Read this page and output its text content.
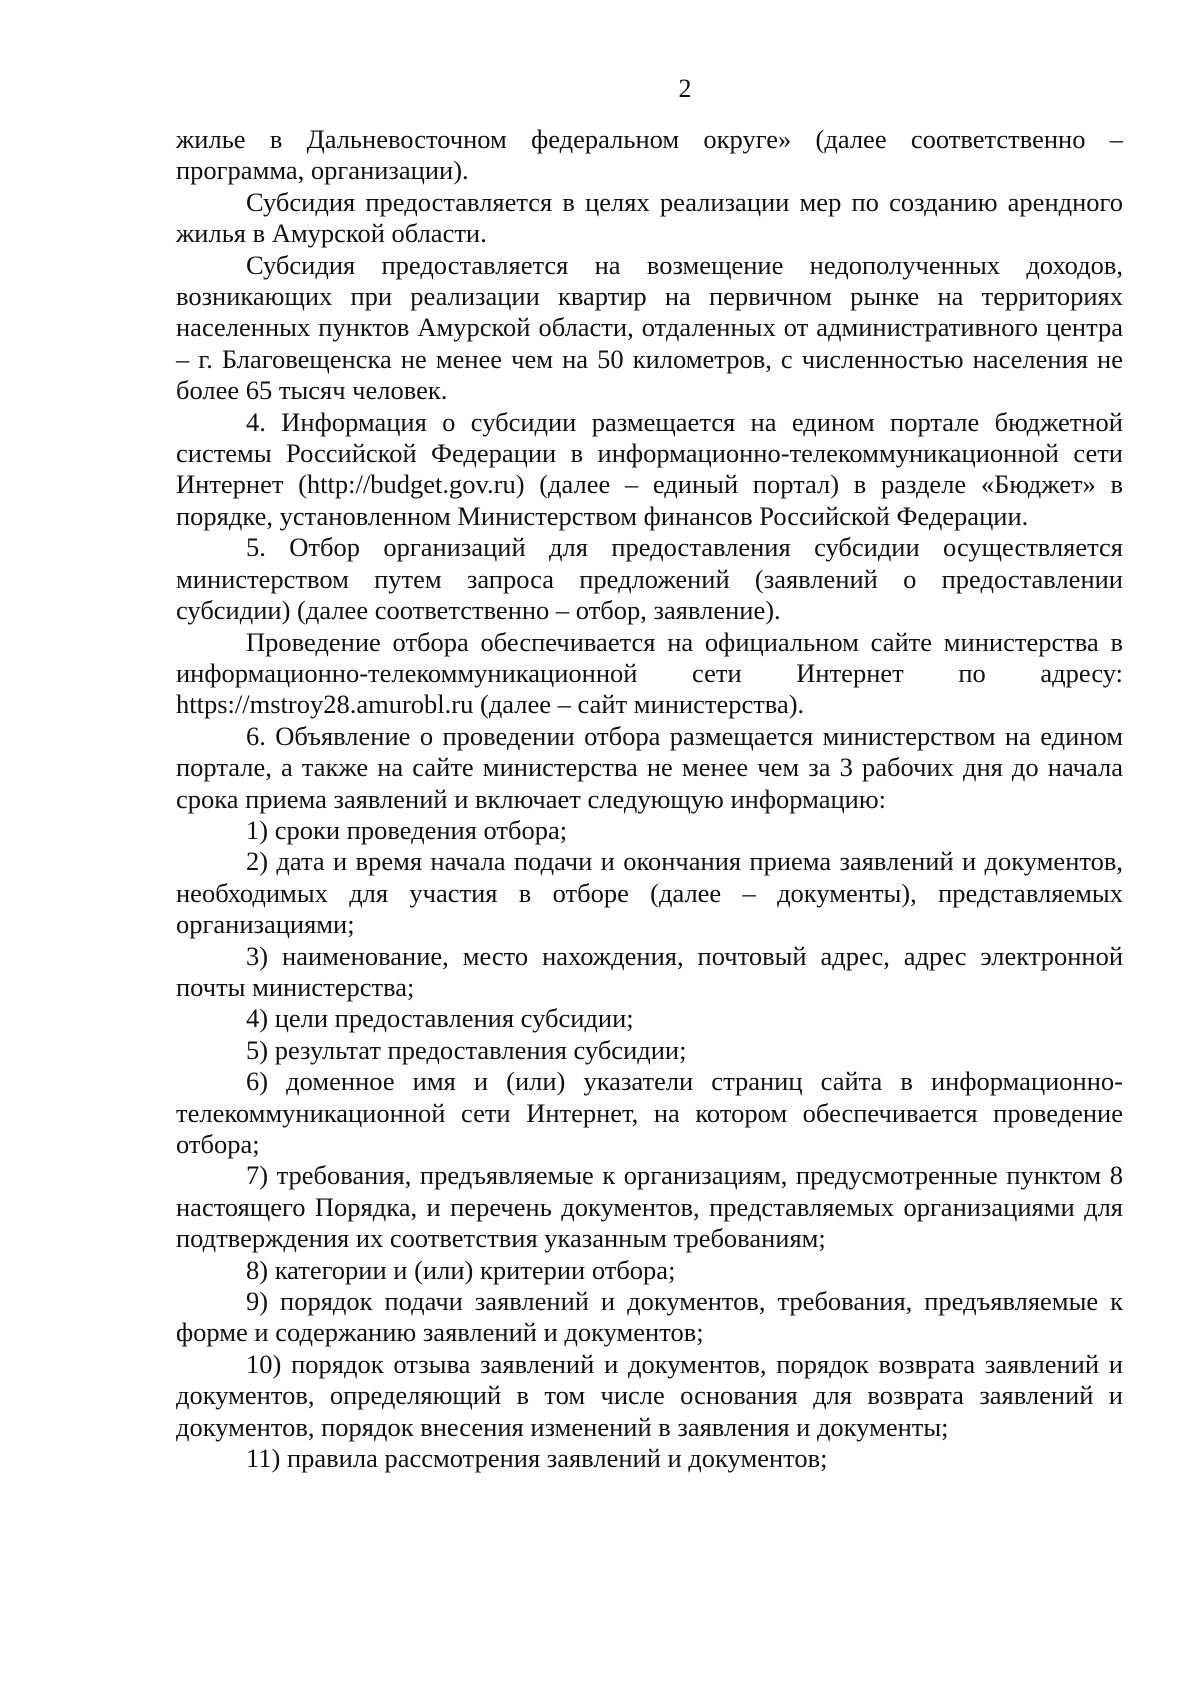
2

жилье в Дальневосточном федеральном округе» (далее соответственно – программа, организации).

Субсидия предоставляется в целях реализации мер по созданию арендного жилья в Амурской области.

Субсидия предоставляется на возмещение недополученных доходов, возникающих при реализации квартир на первичном рынке на территориях населенных пунктов Амурской области, отдаленных от административного центра – г. Благовещенска не менее чем на 50 километров, с численностью населения не более 65 тысяч человек.

4. Информация о субсидии размещается на едином портале бюджетной системы Российской Федерации в информационно-телекоммуникационной сети Интернет (http://budget.gov.ru) (далее – единый портал) в разделе «Бюджет» в порядке, установленном Министерством финансов Российской Федерации.

5. Отбор организаций для предоставления субсидии осуществляется министерством путем запроса предложений (заявлений о предоставлении субсидии) (далее соответственно – отбор, заявление).

Проведение отбора обеспечивается на официальном сайте министерства в информационно-телекоммуникационной сети Интернет по адресу: https://mstroy28.amurobl.ru (далее – сайт министерства).

6. Объявление о проведении отбора размещается министерством на едином портале, а также на сайте министерства не менее чем за 3 рабочих дня до начала срока приема заявлений и включает следующую информацию:

1) сроки проведения отбора;

2) дата и время начала подачи и окончания приема заявлений и документов, необходимых для участия в отборе (далее – документы), представляемых организациями;

3) наименование, место нахождения, почтовый адрес, адрес электронной почты министерства;

4) цели предоставления субсидии;

5) результат предоставления субсидии;

6) доменное имя и (или) указатели страниц сайта в информационно-телекоммуникационной сети Интернет, на котором обеспечивается проведение отбора;

7) требования, предъявляемые к организациям, предусмотренные пунктом 8 настоящего Порядка, и перечень документов, представляемых организациями для подтверждения их соответствия указанным требованиям;

8) категории и (или) критерии отбора;

9) порядок подачи заявлений и документов, требования, предъявляемые к форме и содержанию заявлений и документов;

10) порядок отзыва заявлений и документов, порядок возврата заявлений и документов, определяющий в том числе основания для возврата заявлений и документов, порядок внесения изменений в заявления и документы;

11) правила рассмотрения заявлений и документов;
